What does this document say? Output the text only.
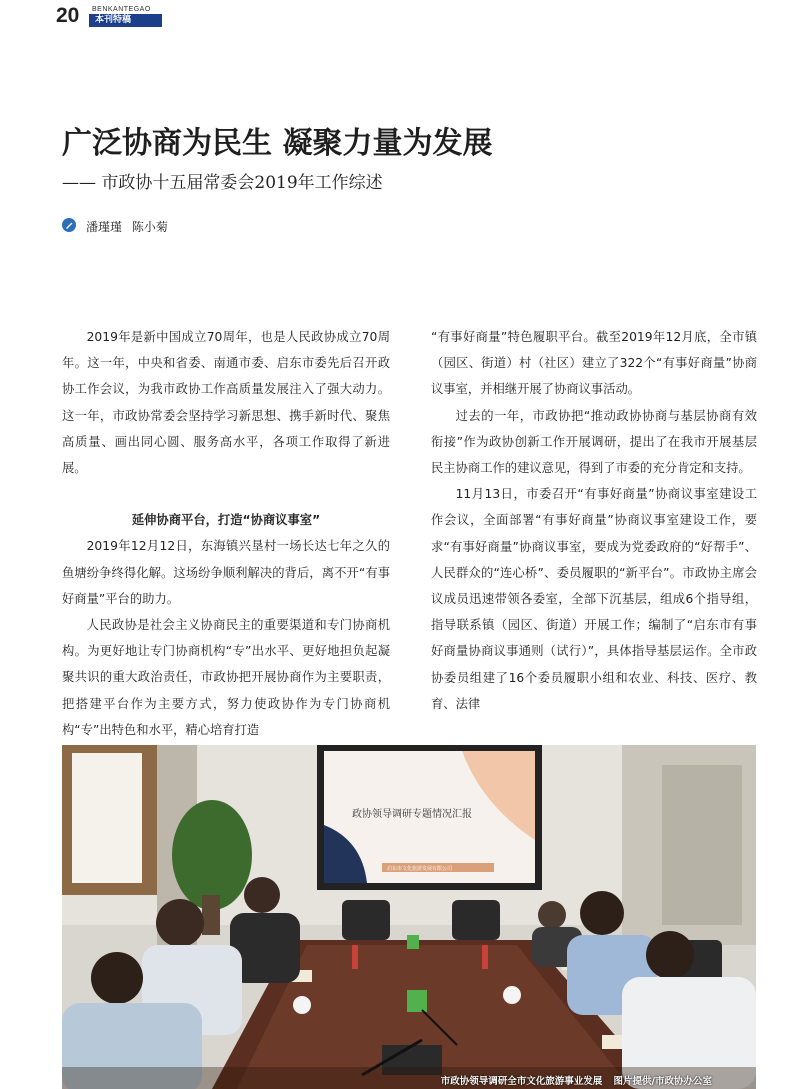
20 BENKANTEGAO
本刊特稿
广泛协商为民生 凝聚力量为发展
—— 市政协十五届常委会2019年工作综述
潘瑾瑾 陈小菊

2019年是新中国成立70周年，也是人民政协成立70周年。这一年，中央和省委、南通市委、启东市委先后召开政协工作会议，为我市政协工作高质量发展注入了强大动力。这一年，市政协常委会坚持学习新思想、携手新时代、聚焦高质量、画出同心圆、服务高水平，各项工作取得了新进展。

延伸协商平台，打造“协商议事室”

2019年12月12日，东海镇兴垦村一场长达七年之久的鱼塘纷争终得化解。这场纷争顺利解决的背后，离不开“有事好商量”平台的助力。

人民政协是社会主义协商民主的重要渠道和专门协商机构。为更好地让专门协商机构“专”出水平、更好地担负起凝聚共识的重大政治责任，市政协把开展协商作为主要职责，把搭建平台作为主要方式，努力使政协作为专门协商机构“专”出特色和水平，精心培育打造

“有事好商量”特色履职平台。截至2019年12月底，全市镇（园区、街道）村（社区）建立了322个“有事好商量”协商议事室，并相继开展了协商议事活动。

过去的一年，市政协把“推动政协协商与基层协商有效衔接”作为政协创新工作开展调研，提出了在我市开展基层民主协商工作的建议意见，得到了市委的充分肯定和支持。

11月13日，市委召开“有事好商量”协商议事室建设工作会议，全面部署“有事好商量”协商议事室建设工作，要求“有事好商量”协商议事室，要成为党委政府的“好帮手”、人民群众的“连心桥”、委员履职的“新平台”。市政协主席会议成员迅速带领各委室，全部下沉基层，组成6个指导组，指导联系镇（园区、街道）开展工作；编制了“启东市有事好商量协商议事通则（试行）”，具体指导基层运作。全市政协委员组建了16个委员履职小组和农业、科技、医疗、教育、法律

政协领导调研专题情况汇报
启东市文化旅游发展有限公司
市政协领导调研全市文化旅游事业发展 图片提供/市政协办公室
